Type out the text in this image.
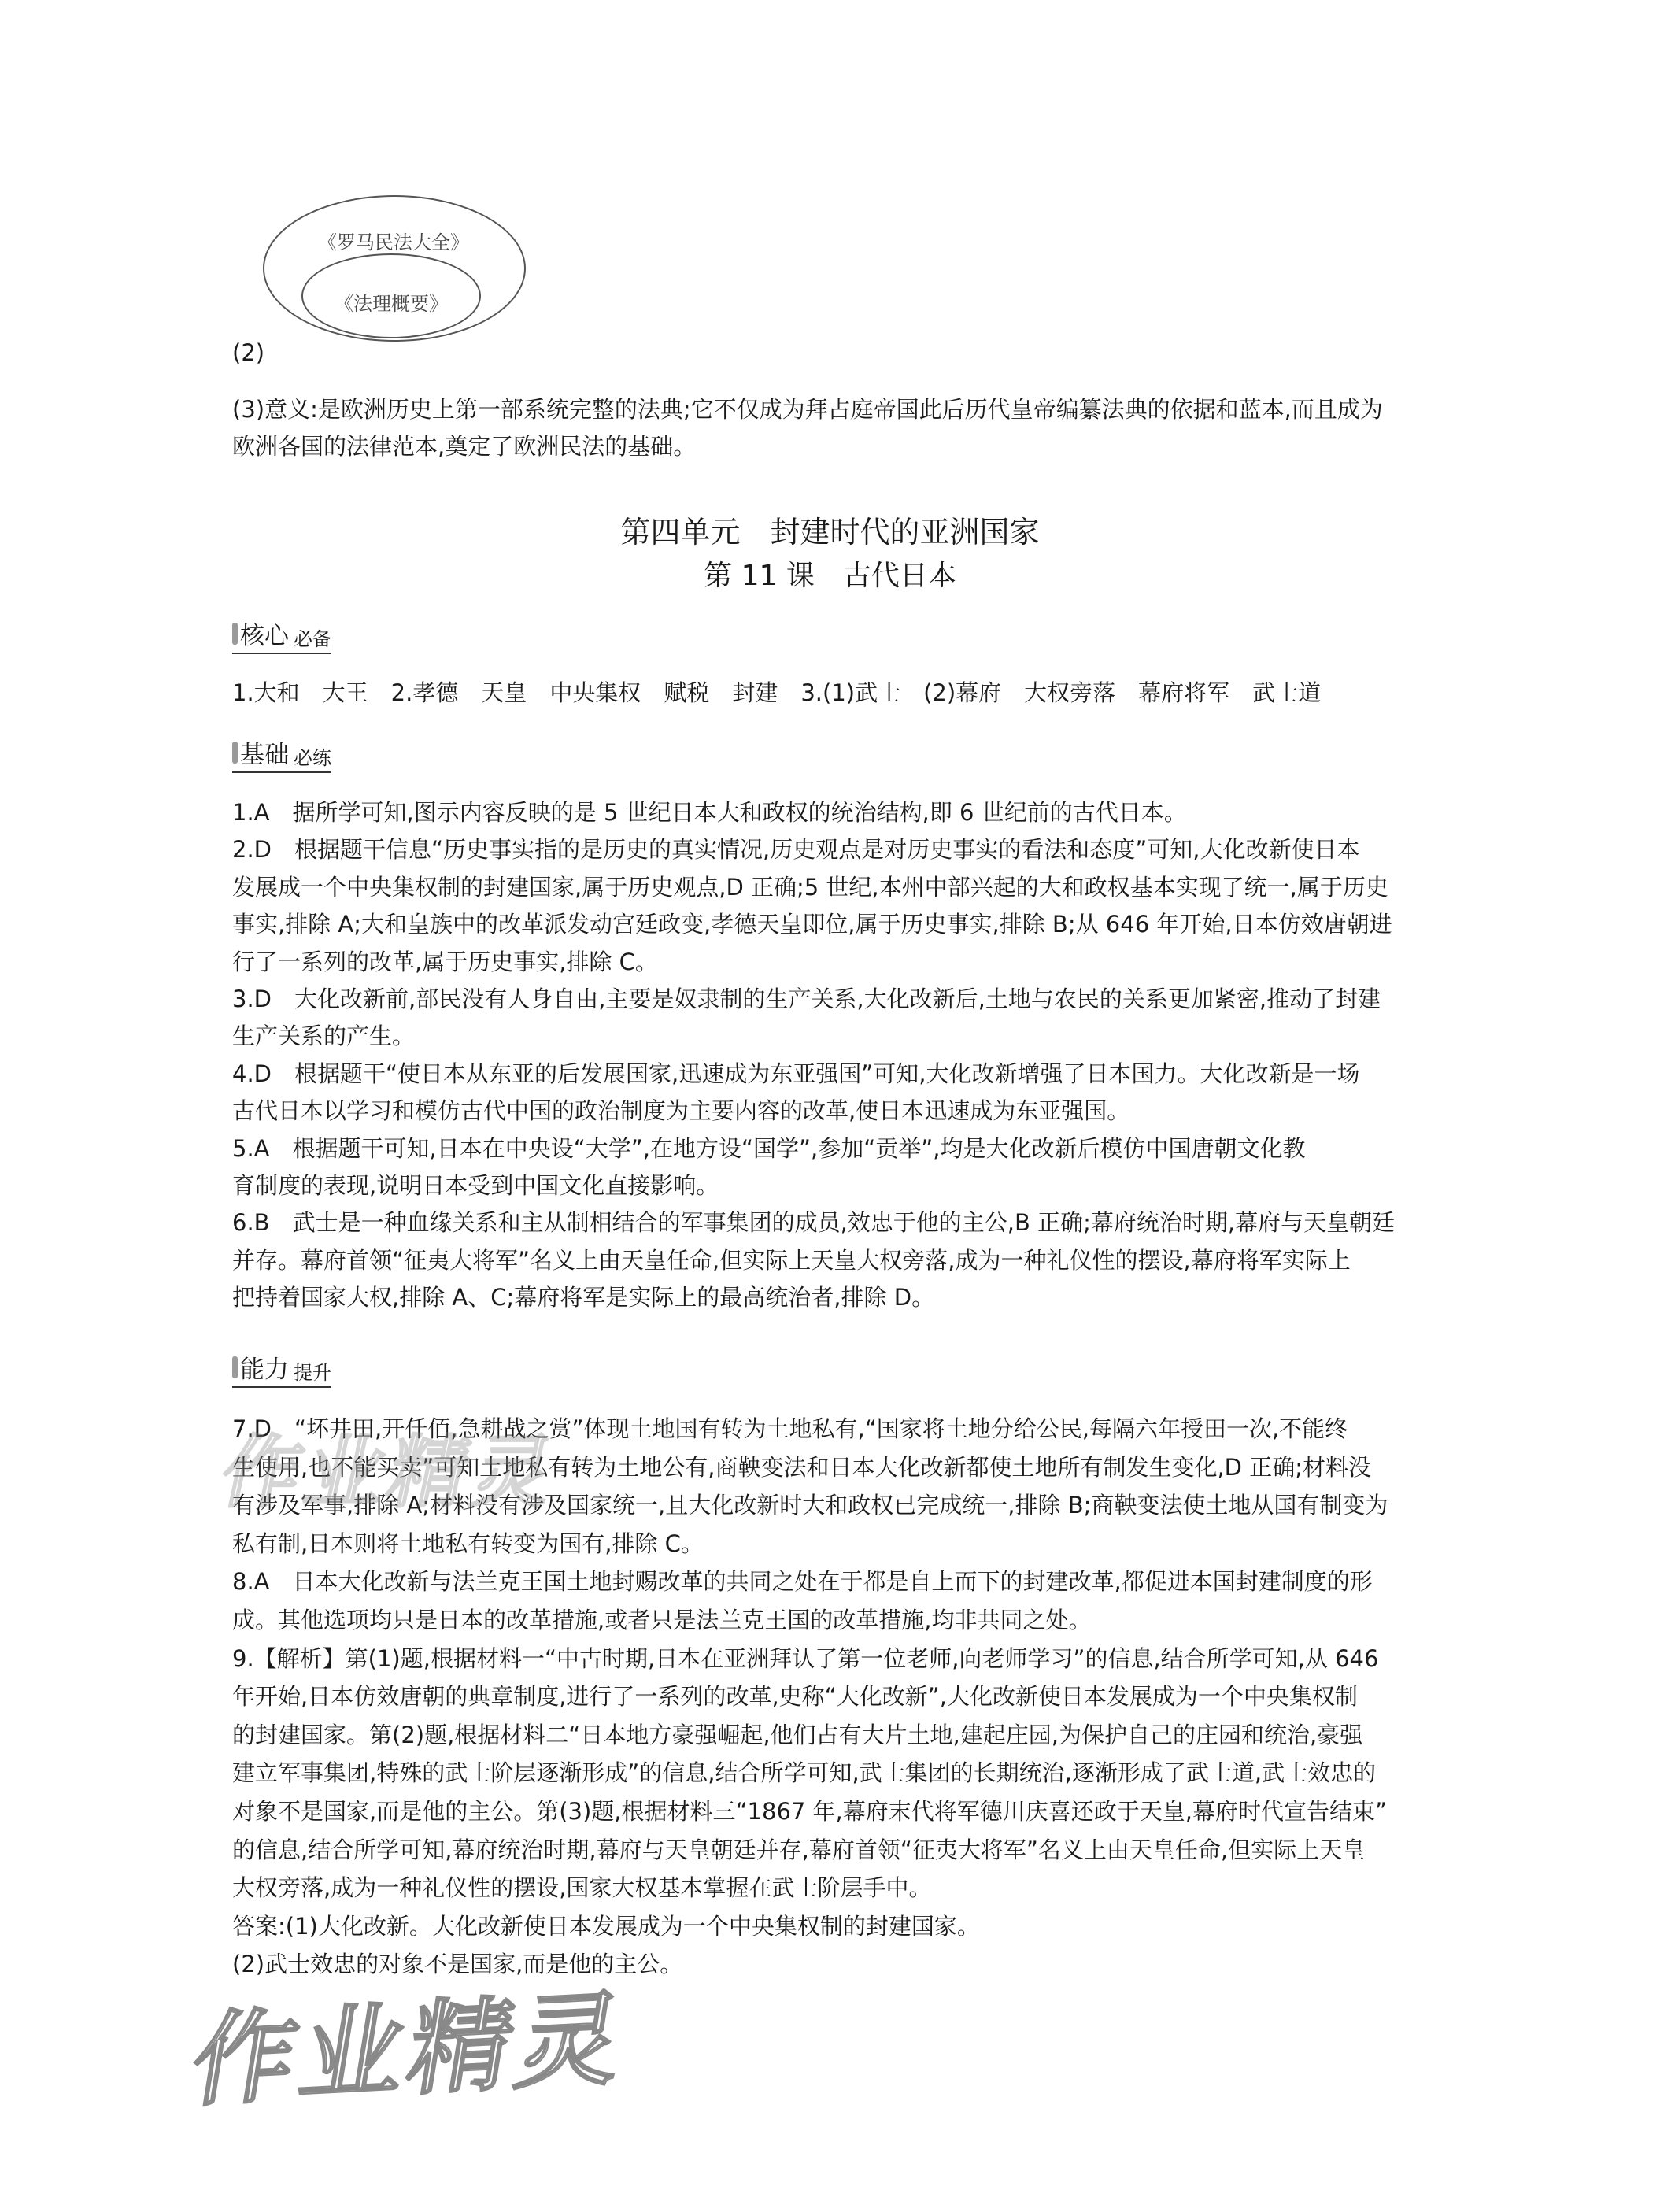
《罗马民法大全》
《法理概要》
(2)
(3)意义:是欧洲历史上第一部系统完整的法典;它不仅成为拜占庭帝国此后历代皇帝编纂法典的依据和蓝本,而且成为
欧洲各国的法律范本,奠定了欧洲民法的基础。
第四单元　封建时代的亚洲国家
第 11 课　古代日本
核心 必备
1.大和　大王　2.孝德　天皇　中央集权　赋税　封建　3.(1)武士　(2)幕府　大权旁落　幕府将军　武士道
基础 必练
1.A　据所学可知,图示内容反映的是 5 世纪日本大和政权的统治结构,即 6 世纪前的古代日本。
2.D　根据题干信息“历史事实指的是历史的真实情况,历史观点是对历史事实的看法和态度”可知,大化改新使日本
发展成一个中央集权制的封建国家,属于历史观点,D 正确;5 世纪,本州中部兴起的大和政权基本实现了统一,属于历史
事实,排除 A;大和皇族中的改革派发动宫廷政变,孝德天皇即位,属于历史事实,排除 B;从 646 年开始,日本仿效唐朝进
行了一系列的改革,属于历史事实,排除 C。
3.D　大化改新前,部民没有人身自由,主要是奴隶制的生产关系,大化改新后,土地与农民的关系更加紧密,推动了封建
生产关系的产生。
4.D　根据题干“使日本从东亚的后发展国家,迅速成为东亚强国”可知,大化改新增强了日本国力。大化改新是一场
古代日本以学习和模仿古代中国的政治制度为主要内容的改革,使日本迅速成为东亚强国。
5.A　根据题干可知,日本在中央设“大学”,在地方设“国学”,参加“贡举”,均是大化改新后模仿中国唐朝文化教
育制度的表现,说明日本受到中国文化直接影响。
6.B　武士是一种血缘关系和主从制相结合的军事集团的成员,效忠于他的主公,B 正确;幕府统治时期,幕府与天皇朝廷
并存。幕府首领“征夷大将军”名义上由天皇任命,但实际上天皇大权旁落,成为一种礼仪性的摆设,幕府将军实际上
把持着国家大权,排除 A、C;幕府将军是实际上的最高统治者,排除 D。
能力 提升
7.D　“坏井田,开仟佰,急耕战之赏”体现土地国有转为土地私有,“国家将土地分给公民,每隔六年授田一次,不能终
生使用,也不能买卖”可知土地私有转为土地公有,商鞅变法和日本大化改新都使土地所有制发生变化,D 正确;材料没
有涉及军事,排除 A;材料没有涉及国家统一,且大化改新时大和政权已完成统一,排除 B;商鞅变法使土地从国有制变为
私有制,日本则将土地私有转变为国有,排除 C。
8.A　日本大化改新与法兰克王国土地封赐改革的共同之处在于都是自上而下的封建改革,都促进本国封建制度的形
成。其他选项均只是日本的改革措施,或者只是法兰克王国的改革措施,均非共同之处。
9.【解析】第(1)题,根据材料一“中古时期,日本在亚洲拜认了第一位老师,向老师学习”的信息,结合所学可知,从 646
年开始,日本仿效唐朝的典章制度,进行了一系列的改革,史称“大化改新”,大化改新使日本发展成为一个中央集权制
的封建国家。第(2)题,根据材料二“日本地方豪强崛起,他们占有大片土地,建起庄园,为保护自己的庄园和统治,豪强
建立军事集团,特殊的武士阶层逐渐形成”的信息,结合所学可知,武士集团的长期统治,逐渐形成了武士道,武士效忠的
对象不是国家,而是他的主公。第(3)题,根据材料三“1867 年,幕府末代将军德川庆喜还政于天皇,幕府时代宣告结束”
的信息,结合所学可知,幕府统治时期,幕府与天皇朝廷并存,幕府首领“征夷大将军”名义上由天皇任命,但实际上天皇
大权旁落,成为一种礼仪性的摆设,国家大权基本掌握在武士阶层手中。
答案:(1)大化改新。大化改新使日本发展成为一个中央集权制的封建国家。
(2)武士效忠的对象不是国家,而是他的主公。
作业精灵
作业精灵
